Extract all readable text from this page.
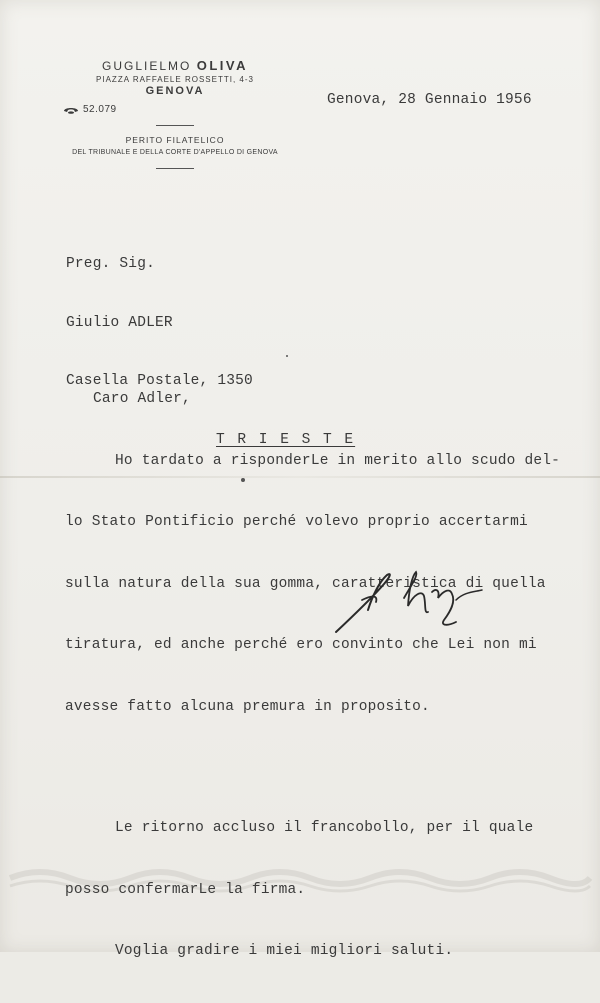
GUGLIELMO OLIVA
PIAZZA RAFFAELE ROSSETTI, 4-3
GENOVA
52.079
PERITO FILATELICO
DEL TRIBUNALE E DELLA CORTE D'APPELLO DI GENOVA
Genova, 28 Gennaio 1956

Preg. Sig.

Giulio ADLER

Casella Postale, 1350

T R I E S T E

Caro Adler,

Ho tardato a risponderLe in merito allo scudo del-

lo Stato Pontificio perché volevo proprio accertarmi

sulla natura della sua gomma, caratteristica di quella

tiratura, ed anche perché ero convinto che Lei non mi

avesse fatto alcuna premura in proposito.

Le ritorno accluso il francobollo, per il quale

posso confermarLe la firma.

Voglia gradire i miei migliori saluti.
